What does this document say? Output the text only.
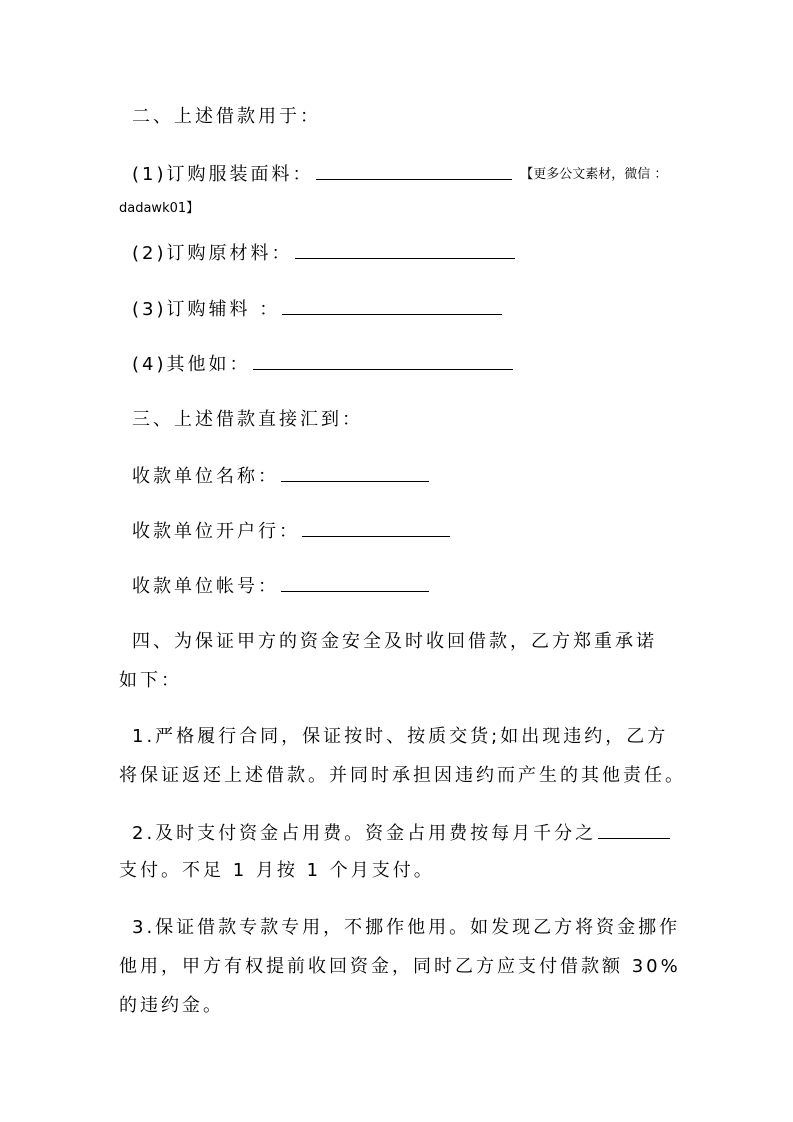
二、上述借款用于：
(1)订购服装面料：	【更多公文素材，微信 ：
dadawk01】
(2)订购原材料：
(3)订购辅料 ：
(4)其他如：
三、上述借款直接汇到：
收款单位名称：
收款单位开户行：
收款单位帐号：
四、为保证甲方的资金安全及时收回借款，乙方郑重承诺
如下：
1.严格履行合同，保证按时、按质交货;如出现违约，乙方
将保证返还上述借款。并同时承担因违约而产生的其他责任。
2.及时支付资金占用费。资金占用费按每月千分之
支付。不足 1 月按 1 个月支付。
3.保证借款专款专用，不挪作他用。如发现乙方将资金挪作
他用，甲方有权提前收回资金，同时乙方应支付借款额 30%
的违约金。
